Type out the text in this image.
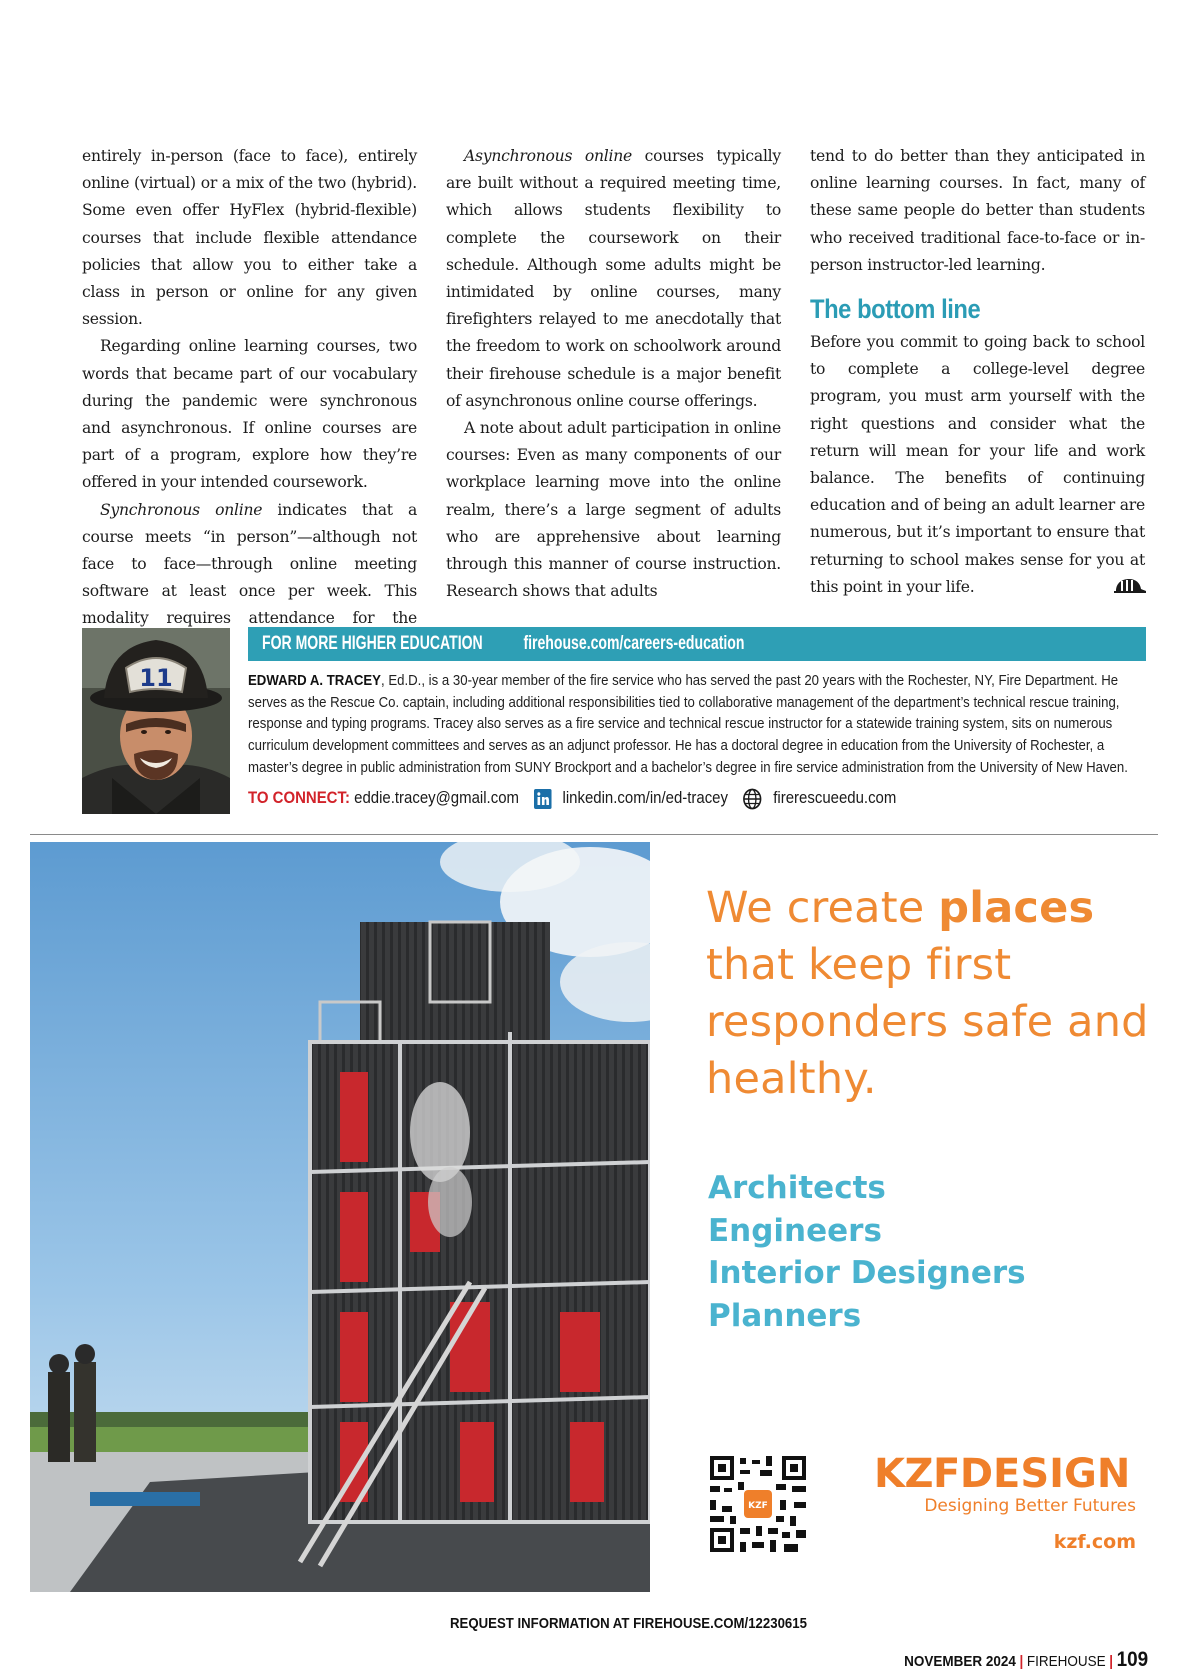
entirely in-person (face to face), entirely online (virtual) or a mix of the two (hybrid). Some even offer HyFlex (hybrid-flexible) courses that include flexible attendance policies that allow you to either take a class in person or online for any given session.

Regarding online learning courses, two words that became part of our vocabulary during the pandemic were synchronous and asynchronous. If online courses are part of a program, explore how they’re offered in your intended coursework.

Synchronous online indicates that a course meets “in person”—although not face to face—through online meeting software at least once per week. This modality requires attendance for the

Asynchronous online courses typically are built without a required meeting time, which allows students flexibility to complete the coursework on their schedule. Although some adults might be intimidated by online courses, many firefighters relayed to me anecdotally that the freedom to work on schoolwork around their firehouse schedule is a major benefit of asynchronous online course offerings.

A note about adult participation in online courses: Even as many components of our workplace learning move into the online realm, there’s a large segment of adults who are apprehensive about learning through this manner of course instruction. Research shows that adults

tend to do better than they anticipated in online learning courses. In fact, many of these same people do better than students who received traditional face-to-face or in-person instructor-led learning.

The bottom line

Before you commit to going back to school to complete a college-level degree program, you must arm yourself with the right questions and consider what the return will mean for your life and work balance. The benefits of continuing education and of being an adult learner are numerous, but it’s important to ensure that returning to school makes sense for you at this point in your life.

11
FOR MORE HIGHER EDUCATION firehouse.com/careers-education
EDWARD A. TRACEY, Ed.D., is a 30-year member of the fire service who has served the past 20 years with the Rochester, NY, Fire Department. He
serves as the Rescue Co. captain, including additional responsibilities tied to collaborative management of the department’s technical rescue training,
response and typing programs. Tracey also serves as a fire service and technical rescue instructor for a statewide training system, sits on numerous
curriculum development committees and serves as an adjunct professor. He has a doctoral degree in education from the University of Rochester, a
master’s degree in public administration from SUNY Brockport and a bachelor’s degree in fire service administration from the University of New Haven.
TO CONNECT: eddie.tracey@gmail.com	linkedin.com/in/ed-tracey	firerescueedu.com
We create places that keep first responders safe and healthy.
Architects
Engineers
Interior Designers
Planners
KZF
KZFDESIGN
Designing Better Futures
kzf.com
REQUEST INFORMATION AT FIREHOUSE.COM/12230615
NOVEMBER 2024 | FIREHOUSE | 109
